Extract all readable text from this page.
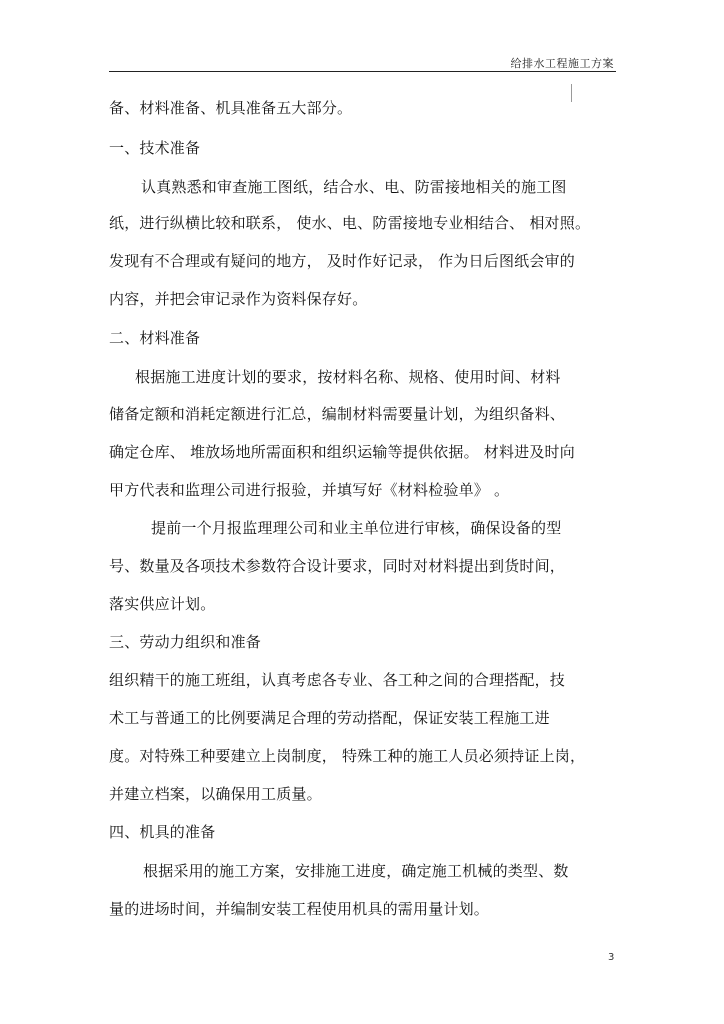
给排水工程施工方案
备、材料准备、机具准备五大部分。
一、技术准备
认真熟悉和审查施工图纸，结合水、电、防雷接地相关的施工图
纸，进行纵横比较和联系， 使水、电、防雷接地专业相结合、 相对照。
发现有不合理或有疑问的地方， 及时作好记录， 作为日后图纸会审的
内容，并把会审记录作为资料保存好。
二、材料准备
根据施工进度计划的要求，按材料名称、规格、使用时间、材料
储备定额和消耗定额进行汇总，编制材料需要量计划，为组织备料、
确定仓库、 堆放场地所需面积和组织运输等提供依据。 材料进及时向
甲方代表和监理公司进行报验，并填写好《材料检验单》 。
提前一个月报监理理公司和业主单位进行审核，确保设备的型
号、数量及各项技术参数符合设计要求，同时对材料提出到货时间，
落实供应计划。
三、劳动力组织和准备
组织精干的施工班组，认真考虑各专业、各工种之间的合理搭配，技
术工与普通工的比例要满足合理的劳动搭配，保证安装工程施工进
度。对特殊工种要建立上岗制度， 特殊工种的施工人员必须持证上岗，
并建立档案，以确保用工质量。
四、机具的准备
根据采用的施工方案，安排施工进度，确定施工机械的类型、数
量的进场时间，并编制安装工程使用机具的需用量计划。
3
